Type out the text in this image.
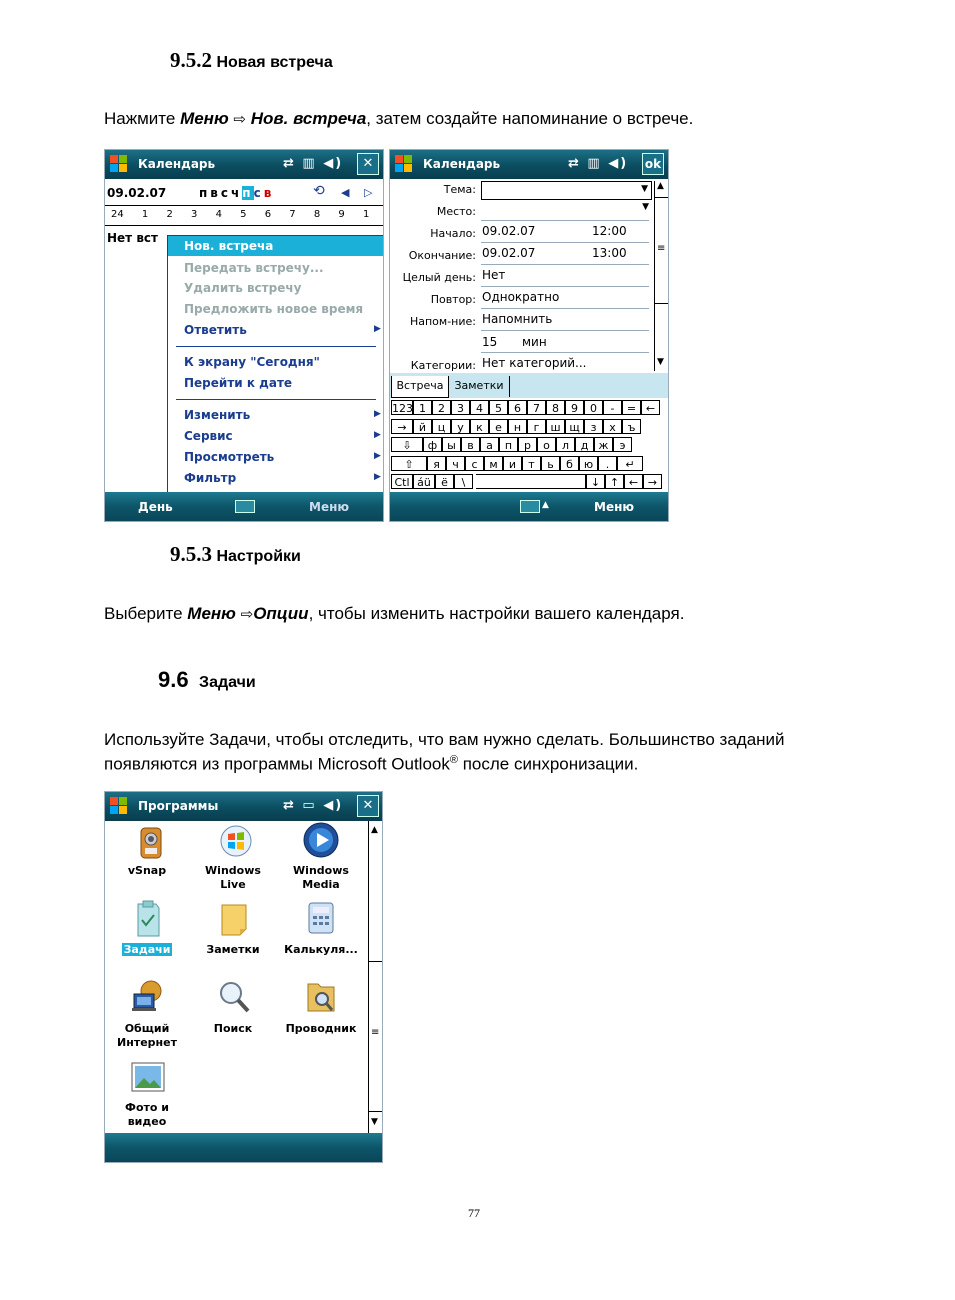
9.5.2 Новая встреча
Нажмите Меню ⇨ Нов. встреча, затем создайте напоминание о встрече.
Календарь	⇄ ▥ ◀)	✕
09.02.07	пвсчпсв	⟲ ◀ ▷
24 1 2 3 4 5 6 7 8 9 1
Нет вст
Нов. встреча
Передать встречу...
Удалить встречу
Предложить новое время
Ответить	▶
К экрану "Сегодня"
Перейти к дате
Изменить	▶
Сервис	▶
Просмотреть	▶
Фильтр	▶
День	Меню
Календарь	⇄ ▥ ◀) ok
Тема:	▼
Место:	▼
Начало: 09.02.07	12:00
Окончание: 09.02.07	13:00
Целый день: Нет
Повтор: Однократно
Напом-ние: Напомнить
15 мин
Категории: Нет категорий...
▲
≡
▼
Встреча Заметки
123 1	2	3	4	5	6	7	8	9	0	-	= ←
→	й	ц	у	к	е	н	г	ш щ з	х	ъ
⇩	ф ы	в	а	п	р	о	л	д ж	э
⇧	я	ч	с	м	и	т	ь	б ю	.	↵
Ctl áü ё	\	↓ ↑ ← →
▲	Меню
9.5.3 Настройки
Выберите Меню ⇨Опции, чтобы изменить настройки вашего календаря.
9.6 Задачи
Используйте Задачи, чтобы отследить, что вам нужно сделать. Большинство заданий
появляются из программы Microsoft Outlook® после синхронизации.
Программы	⇄ ▭ ◀)	✕
▲
≡
▼
vSnap	Windows
Live
Windows
Media
Задачи	Заметки	Калькуля...
Общий
Интернет
Поиск	Проводник
Фото и
видео
77
